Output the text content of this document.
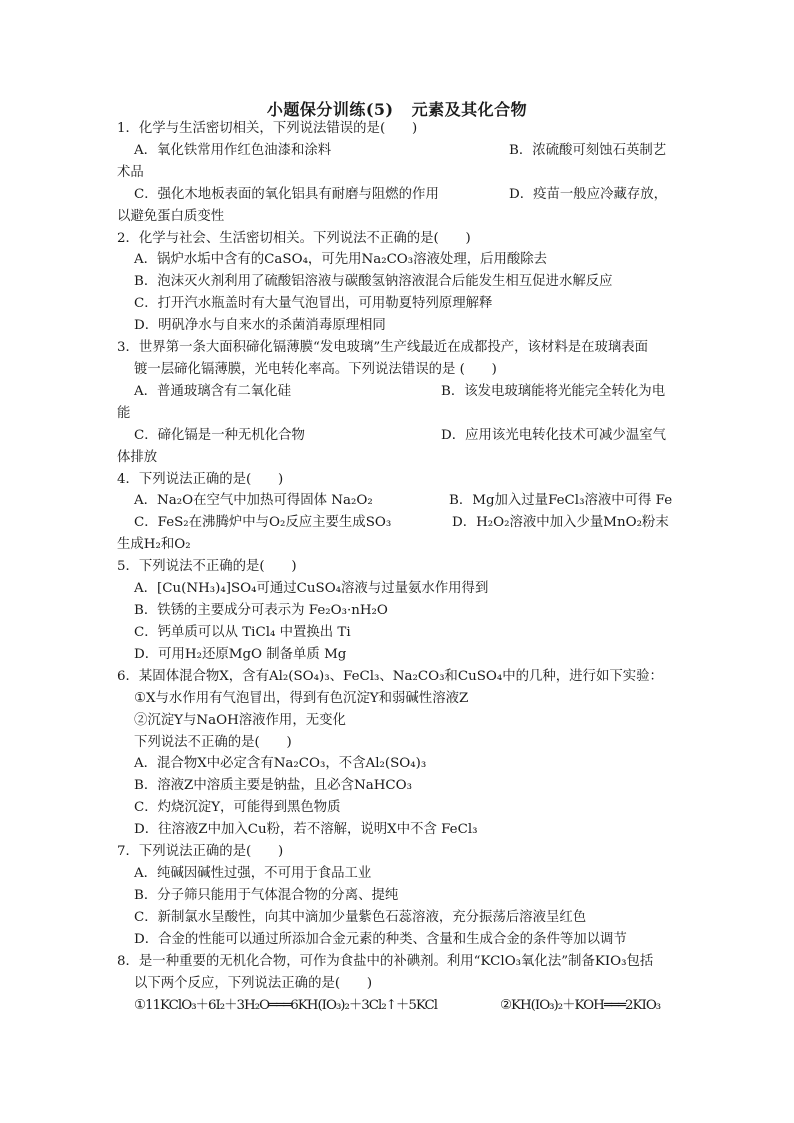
小题保分训练(5) 元素及其化合物
1．化学与生活密切相关，下列说法错误的是(　　)
A．氧化铁常用作红色油漆和涂料	B．浓硫酸可刻蚀石英制艺
术品
C．强化木地板表面的氧化铝具有耐磨与阻燃的作用	D．疫苗一般应冷藏存放，
以避免蛋白质变性
2．化学与社会、生活密切相关。下列说法不正确的是(　　)
A．锅炉水垢中含有的CaSO₄，可先用Na₂CO₃溶液处理，后用酸除去
B．泡沫灭火剂利用了硫酸铝溶液与碳酸氢钠溶液混合后能发生相互促进水解反应
C．打开汽水瓶盖时有大量气泡冒出，可用勒夏特列原理解释
D．明矾净水与自来水的杀菌消毒原理相同
3．世界第一条大面积碲化镉薄膜“发电玻璃”生产线最近在成都投产，该材料是在玻璃表面
镀一层碲化镉薄膜，光电转化率高。下列说法错误的是 (　　)
A．普通玻璃含有二氧化硅	B．该发电玻璃能将光能完全转化为电
能
C．碲化镉是一种无机化合物	D．应用该光电转化技术可减少温室气
体排放
4．下列说法正确的是(　　)
A．Na₂O在空气中加热可得固体 Na₂O₂	B．Mg加入过量FeCl₃溶液中可得 Fe
C．FeS₂在沸腾炉中与O₂反应主要生成SO₃	D．H₂O₂溶液中加入少量MnO₂粉末
生成H₂和O₂
5．下列说法不正确的是(　　)
A．[Cu(NH₃)₄]SO₄可通过CuSO₄溶液与过量氨水作用得到
B．铁锈的主要成分可表示为 Fe₂O₃·nH₂O
C．钙单质可以从 TiCl₄ 中置换出 Ti
D．可用H₂还原MgO 制备单质 Mg
6．某固体混合物X，含有Al₂(SO₄)₃、FeCl₃、Na₂CO₃和CuSO₄中的几种，进行如下实验：
①X与水作用有气泡冒出，得到有色沉淀Y和弱碱性溶液Z
②沉淀Y与NaOH溶液作用，无变化
下列说法不正确的是(　　)
A．混合物X中必定含有Na₂CO₃，不含Al₂(SO₄)₃
B．溶液Z中溶质主要是钠盐，且必含NaHCO₃
C．灼烧沉淀Y，可能得到黑色物质
D．往溶液Z中加入Cu粉，若不溶解，说明X中不含 FeCl₃
7．下列说法正确的是(　　)
A．纯碱因碱性过强，不可用于食品工业
B．分子筛只能用于气体混合物的分离、提纯
C．新制氯水呈酸性，向其中滴加少量紫色石蕊溶液，充分振荡后溶液呈红色
D．合金的性能可以通过所添加合金元素的种类、含量和生成合金的条件等加以调节
8．是一种重要的无机化合物，可作为食盐中的补碘剂。利用“KClO₃氧化法”制备KIO₃包括
以下两个反应，下列说法正确的是(　　)
①11KClO₃＋6I₂＋3H₂O═══6KH(IO₃)₂＋3Cl₂↑＋5KCl	②KH(IO₃)₂＋KOH═══2KIO₃
